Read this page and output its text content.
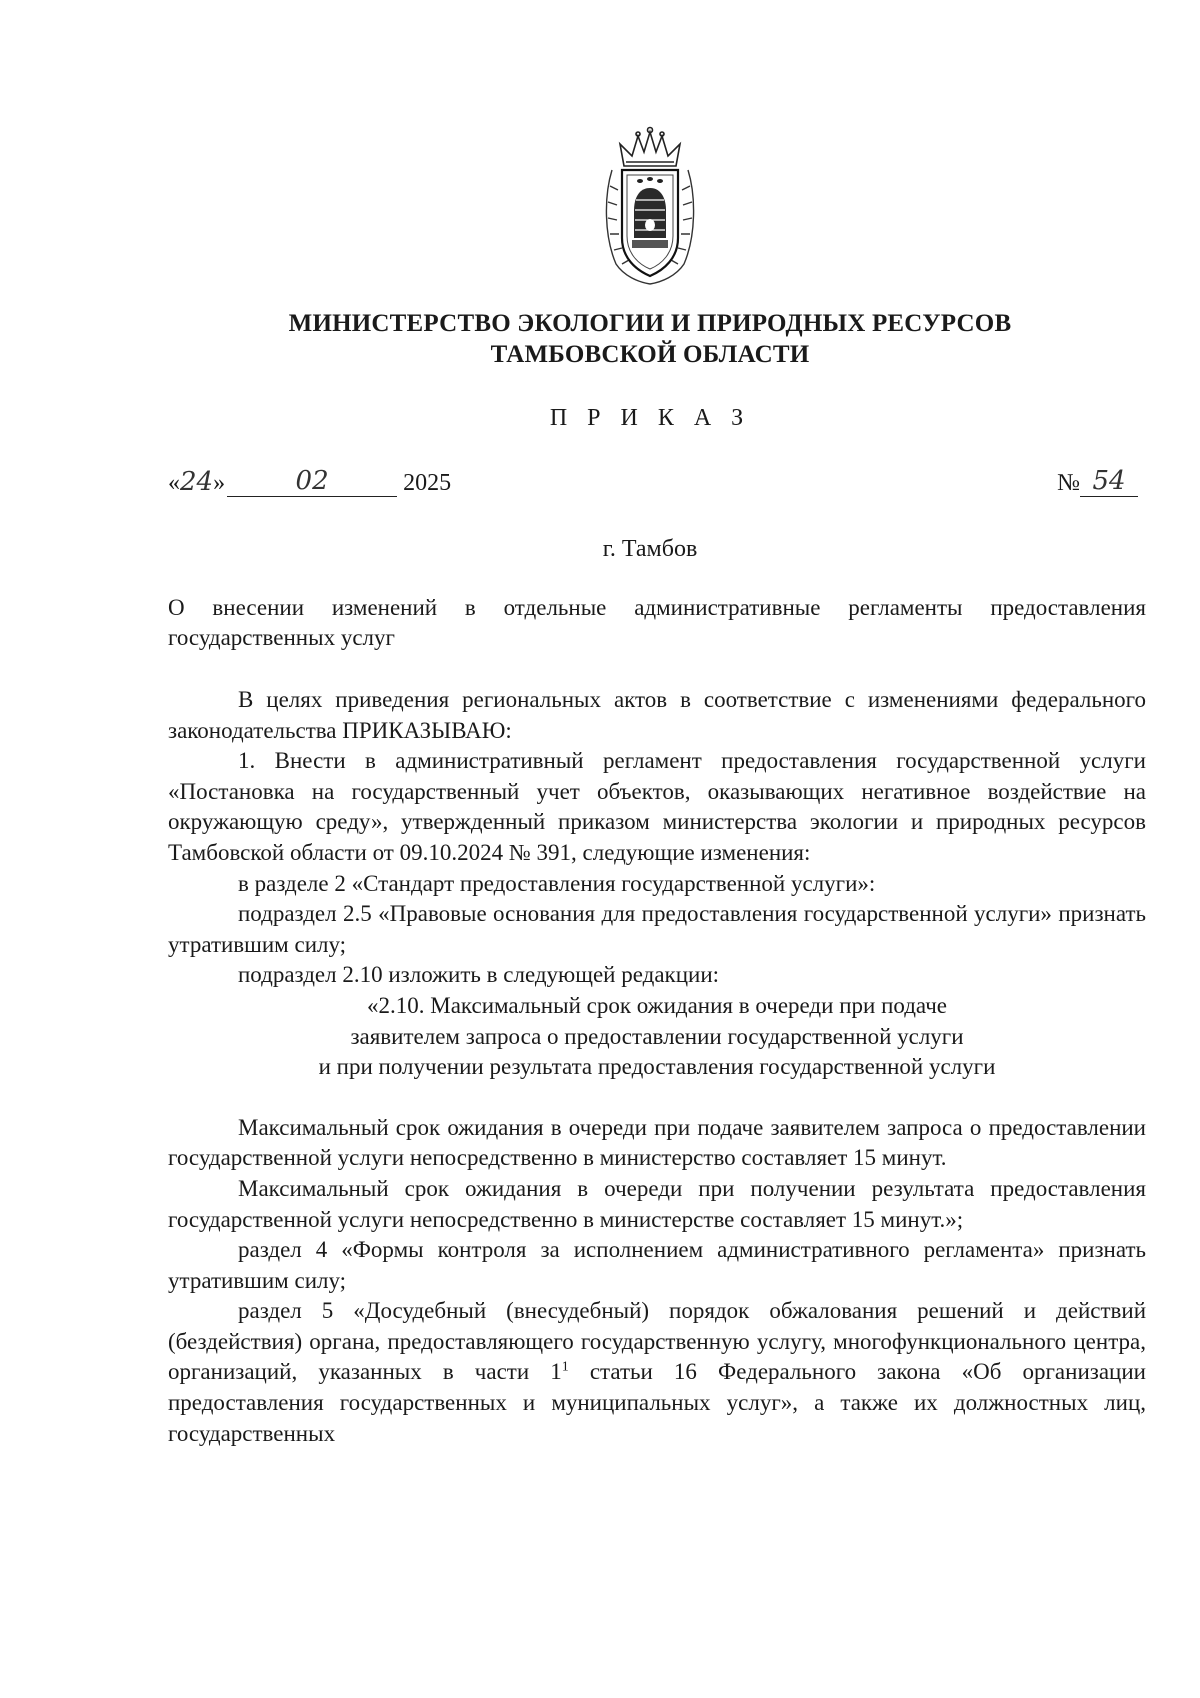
МИНИСТЕРСТВО ЭКОЛОГИИ И ПРИРОДНЫХ РЕСУРСОВ
ТАМБОВСКОЙ ОБЛАСТИ
П Р И К А З
«24»	02	2025	№ 54
г. Тамбов
О внесении изменений в отдельные административные регламенты предоставления государственных услуг

В целях приведения региональных актов в соответствие с изменениями федерального законодательства ПРИКАЗЫВАЮ:

1. Внести в административный регламент предоставления государственной услуги «Постановка на государственный учет объектов, оказывающих негативное воздействие на окружающую среду», утвержденный приказом министерства экологии и природных ресурсов Тамбовской области от 09.10.2024 № 391, следующие изменения:

в разделе 2 «Стандарт предоставления государственной услуги»:

подраздел 2.5 «Правовые основания для предоставления государственной услуги» признать утратившим силу;

подраздел 2.10 изложить в следующей редакции:

«2.10. Максимальный срок ожидания в очереди при подаче

заявителем запроса о предоставлении государственной услуги

и при получении результата предоставления государственной услуги

Максимальный срок ожидания в очереди при подаче заявителем запроса о предоставлении государственной услуги непосредственно в министерство составляет 15 минут.

Максимальный срок ожидания в очереди при получении результата предоставления государственной услуги непосредственно в министерстве составляет 15 минут.»;

раздел 4 «Формы контроля за исполнением административного регламента» признать утратившим силу;

раздел 5 «Досудебный (внесудебный) порядок обжалования решений и действий (бездействия) органа, предоставляющего государственную услугу, многофункционального центра, организаций, указанных в части $1^1$ статьи 16 Федерального закона «Об организации предоставления государственных и муниципальных услуг», а также их должностных лиц, государственных
